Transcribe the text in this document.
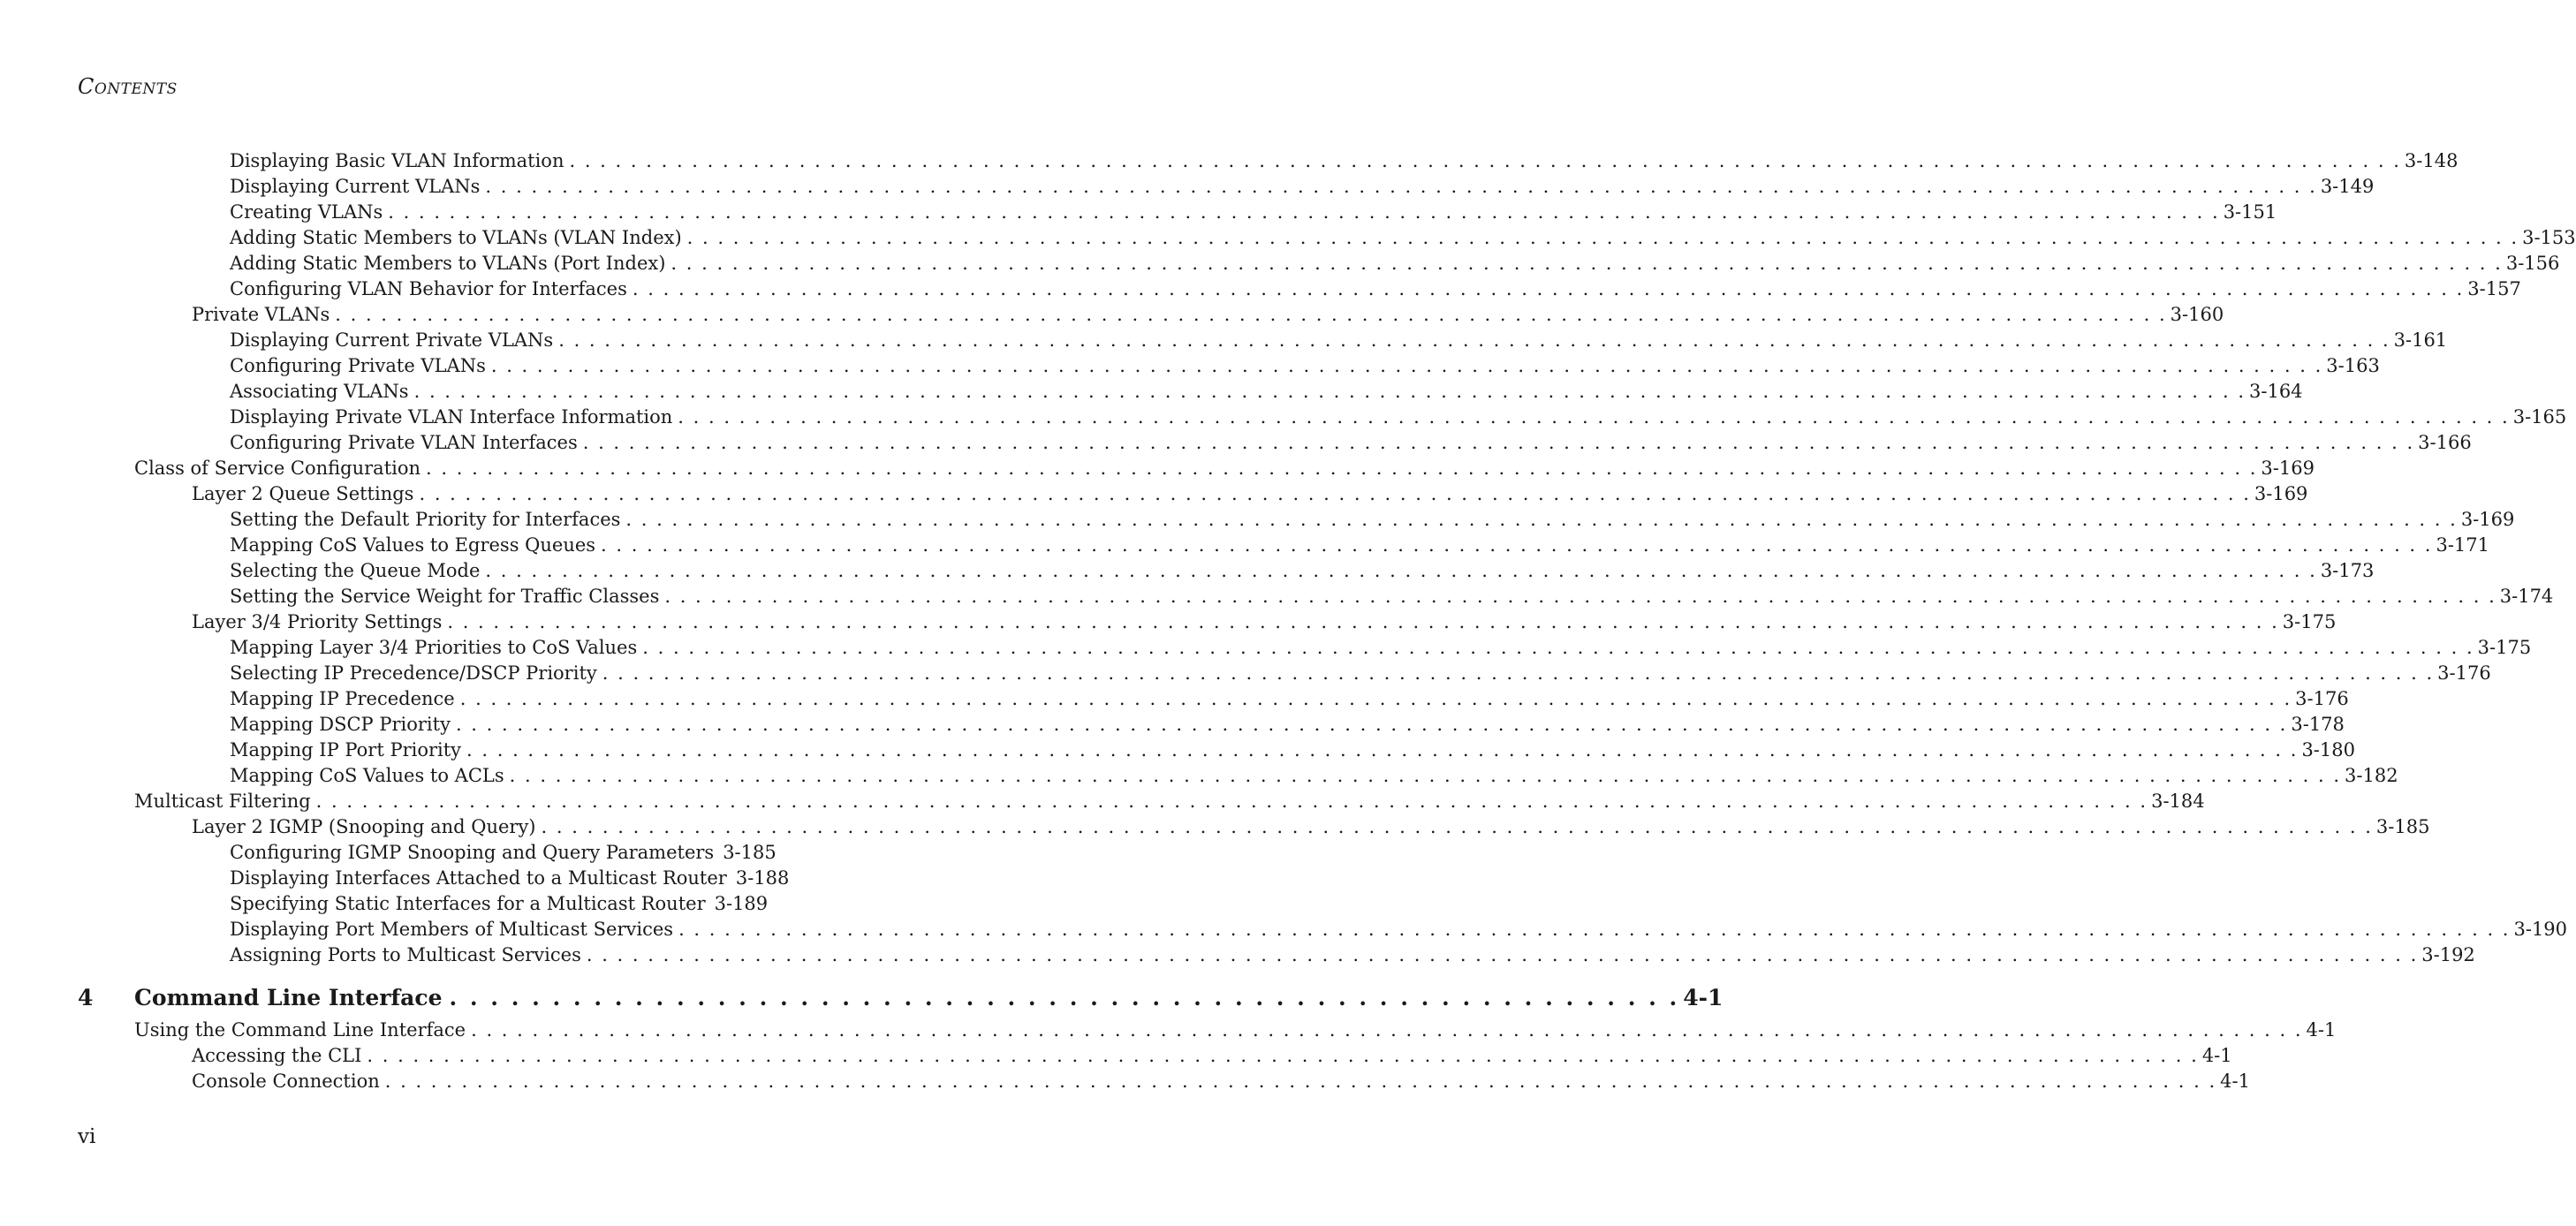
CONTENTS
Displaying Basic VLAN Information . . . . . . . . . . . . . . . . . . . . . . . . . . . . . . . . . . . . . . . . . . . . . . . . . . . . . . . . . . . . . . . . . . . . . . . . . . . . . . . . . . . . . . . . . . . . . . . . . . . . . . . . . . . . . . . . . . . . . . . . 3-148
Displaying Current VLANs . . . . . . . . . . . . . . . . . . . . . . . . . . . . . . . . . . . . . . . . . . . . . . . . . . . . . . . . . . . . . . . . . . . . . . . . . . . . . . . . . . . . . . . . . . . . . . . . . . . . . . . . . . . . . . . . . . . . . . . . 3-149
Creating VLANs . . . . . . . . . . . . . . . . . . . . . . . . . . . . . . . . . . . . . . . . . . . . . . . . . . . . . . . . . . . . . . . . . . . . . . . . . . . . . . . . . . . . . . . . . . . . . . . . . . . . . . . . . . . . . . . . . . . . . . . . 3-151
Adding Static Members to VLANs (VLAN Index) . . . . . . . . . . . . . . . . . . . . . . . . . . . . . . . . . . . . . . . . . . . . . . . . . . . . . . . . . . . . . . . . . . . . . . . . . . . . . . . . . . . . . . . . . . . . . . . . . . . . . . . . . . . . . . . . . . . . . . . . 3-153
Adding Static Members to VLANs (Port Index) . . . . . . . . . . . . . . . . . . . . . . . . . . . . . . . . . . . . . . . . . . . . . . . . . . . . . . . . . . . . . . . . . . . . . . . . . . . . . . . . . . . . . . . . . . . . . . . . . . . . . . . . . . . . . . . . . . . . . . . . 3-156
Configuring VLAN Behavior for Interfaces . . . . . . . . . . . . . . . . . . . . . . . . . . . . . . . . . . . . . . . . . . . . . . . . . . . . . . . . . . . . . . . . . . . . . . . . . . . . . . . . . . . . . . . . . . . . . . . . . . . . . . . . . . . . . . . . . . . . . . . . 3-157
Private VLANs . . . . . . . . . . . . . . . . . . . . . . . . . . . . . . . . . . . . . . . . . . . . . . . . . . . . . . . . . . . . . . . . . . . . . . . . . . . . . . . . . . . . . . . . . . . . . . . . . . . . . . . . . . . . . . . . . . . . . . . . 3-160
Displaying Current Private VLANs . . . . . . . . . . . . . . . . . . . . . . . . . . . . . . . . . . . . . . . . . . . . . . . . . . . . . . . . . . . . . . . . . . . . . . . . . . . . . . . . . . . . . . . . . . . . . . . . . . . . . . . . . . . . . . . . . . . . . . . . 3-161
Configuring Private VLANs . . . . . . . . . . . . . . . . . . . . . . . . . . . . . . . . . . . . . . . . . . . . . . . . . . . . . . . . . . . . . . . . . . . . . . . . . . . . . . . . . . . . . . . . . . . . . . . . . . . . . . . . . . . . . . . . . . . . . . . . 3-163
Associating VLANs . . . . . . . . . . . . . . . . . . . . . . . . . . . . . . . . . . . . . . . . . . . . . . . . . . . . . . . . . . . . . . . . . . . . . . . . . . . . . . . . . . . . . . . . . . . . . . . . . . . . . . . . . . . . . . . . . . . . . . . . 3-164
Displaying Private VLAN Interface Information . . . . . . . . . . . . . . . . . . . . . . . . . . . . . . . . . . . . . . . . . . . . . . . . . . . . . . . . . . . . . . . . . . . . . . . . . . . . . . . . . . . . . . . . . . . . . . . . . . . . . . . . . . . . . . . . . . . . . . . . 3-165
Configuring Private VLAN Interfaces . . . . . . . . . . . . . . . . . . . . . . . . . . . . . . . . . . . . . . . . . . . . . . . . . . . . . . . . . . . . . . . . . . . . . . . . . . . . . . . . . . . . . . . . . . . . . . . . . . . . . . . . . . . . . . . . . . . . . . . . 3-166
Class of Service Configuration . . . . . . . . . . . . . . . . . . . . . . . . . . . . . . . . . . . . . . . . . . . . . . . . . . . . . . . . . . . . . . . . . . . . . . . . . . . . . . . . . . . . . . . . . . . . . . . . . . . . . . . . . . . . . . . . . . . . . . . . 3-169
Layer 2 Queue Settings . . . . . . . . . . . . . . . . . . . . . . . . . . . . . . . . . . . . . . . . . . . . . . . . . . . . . . . . . . . . . . . . . . . . . . . . . . . . . . . . . . . . . . . . . . . . . . . . . . . . . . . . . . . . . . . . . . . . . . . . 3-169
Setting the Default Priority for Interfaces . . . . . . . . . . . . . . . . . . . . . . . . . . . . . . . . . . . . . . . . . . . . . . . . . . . . . . . . . . . . . . . . . . . . . . . . . . . . . . . . . . . . . . . . . . . . . . . . . . . . . . . . . . . . . . . . . . . . . . . . 3-169
Mapping CoS Values to Egress Queues . . . . . . . . . . . . . . . . . . . . . . . . . . . . . . . . . . . . . . . . . . . . . . . . . . . . . . . . . . . . . . . . . . . . . . . . . . . . . . . . . . . . . . . . . . . . . . . . . . . . . . . . . . . . . . . . . . . . . . . . 3-171
Selecting the Queue Mode . . . . . . . . . . . . . . . . . . . . . . . . . . . . . . . . . . . . . . . . . . . . . . . . . . . . . . . . . . . . . . . . . . . . . . . . . . . . . . . . . . . . . . . . . . . . . . . . . . . . . . . . . . . . . . . . . . . . . . . . 3-173
Setting the Service Weight for Traffic Classes . . . . . . . . . . . . . . . . . . . . . . . . . . . . . . . . . . . . . . . . . . . . . . . . . . . . . . . . . . . . . . . . . . . . . . . . . . . . . . . . . . . . . . . . . . . . . . . . . . . . . . . . . . . . . . . . . . . . . . . . 3-174
Layer 3/4 Priority Settings . . . . . . . . . . . . . . . . . . . . . . . . . . . . . . . . . . . . . . . . . . . . . . . . . . . . . . . . . . . . . . . . . . . . . . . . . . . . . . . . . . . . . . . . . . . . . . . . . . . . . . . . . . . . . . . . . . . . . . . . 3-175
Mapping Layer 3/4 Priorities to CoS Values . . . . . . . . . . . . . . . . . . . . . . . . . . . . . . . . . . . . . . . . . . . . . . . . . . . . . . . . . . . . . . . . . . . . . . . . . . . . . . . . . . . . . . . . . . . . . . . . . . . . . . . . . . . . . . . . . . . . . . . . 3-175
Selecting IP Precedence/DSCP Priority . . . . . . . . . . . . . . . . . . . . . . . . . . . . . . . . . . . . . . . . . . . . . . . . . . . . . . . . . . . . . . . . . . . . . . . . . . . . . . . . . . . . . . . . . . . . . . . . . . . . . . . . . . . . . . . . . . . . . . . . 3-176
Mapping IP Precedence . . . . . . . . . . . . . . . . . . . . . . . . . . . . . . . . . . . . . . . . . . . . . . . . . . . . . . . . . . . . . . . . . . . . . . . . . . . . . . . . . . . . . . . . . . . . . . . . . . . . . . . . . . . . . . . . . . . . . . . . 3-176
Mapping DSCP Priority . . . . . . . . . . . . . . . . . . . . . . . . . . . . . . . . . . . . . . . . . . . . . . . . . . . . . . . . . . . . . . . . . . . . . . . . . . . . . . . . . . . . . . . . . . . . . . . . . . . . . . . . . . . . . . . . . . . . . . . . 3-178
Mapping IP Port Priority . . . . . . . . . . . . . . . . . . . . . . . . . . . . . . . . . . . . . . . . . . . . . . . . . . . . . . . . . . . . . . . . . . . . . . . . . . . . . . . . . . . . . . . . . . . . . . . . . . . . . . . . . . . . . . . . . . . . . . . . 3-180
Mapping CoS Values to ACLs . . . . . . . . . . . . . . . . . . . . . . . . . . . . . . . . . . . . . . . . . . . . . . . . . . . . . . . . . . . . . . . . . . . . . . . . . . . . . . . . . . . . . . . . . . . . . . . . . . . . . . . . . . . . . . . . . . . . . . . . 3-182
Multicast Filtering . . . . . . . . . . . . . . . . . . . . . . . . . . . . . . . . . . . . . . . . . . . . . . . . . . . . . . . . . . . . . . . . . . . . . . . . . . . . . . . . . . . . . . . . . . . . . . . . . . . . . . . . . . . . . . . . . . . . . . . . 3-184
Layer 2 IGMP (Snooping and Query) . . . . . . . . . . . . . . . . . . . . . . . . . . . . . . . . . . . . . . . . . . . . . . . . . . . . . . . . . . . . . . . . . . . . . . . . . . . . . . . . . . . . . . . . . . . . . . . . . . . . . . . . . . . . . . . . . . . . . . . . 3-185
Configuring IGMP Snooping and Query Parameters 3-185
Displaying Interfaces Attached to a Multicast Router 3-188
Specifying Static Interfaces for a Multicast Router 3-189
Displaying Port Members of Multicast Services . . . . . . . . . . . . . . . . . . . . . . . . . . . . . . . . . . . . . . . . . . . . . . . . . . . . . . . . . . . . . . . . . . . . . . . . . . . . . . . . . . . . . . . . . . . . . . . . . . . . . . . . . . . . . . . . . . . . . . . . 3-190
Assigning Ports to Multicast Services . . . . . . . . . . . . . . . . . . . . . . . . . . . . . . . . . . . . . . . . . . . . . . . . . . . . . . . . . . . . . . . . . . . . . . . . . . . . . . . . . . . . . . . . . . . . . . . . . . . . . . . . . . . . . . . . . . . . . . . . 3-192
4	Command Line Interface . . . . . . . . . . . . . . . . . . . . . . . . . . . . . . . . . . . . . . . . . . . . . . . . . . . . . . . . . . . . 4-1
vi
Using the Command Line Interface . . . . . . . . . . . . . . . . . . . . . . . . . . . . . . . . . . . . . . . . . . . . . . . . . . . . . . . . . . . . . . . . . . . . . . . . . . . . . . . . . . . . . . . . . . . . . . . . . . . . . . . . . . . . . . . . . . . . . . . . 4-1
Accessing the CLI . . . . . . . . . . . . . . . . . . . . . . . . . . . . . . . . . . . . . . . . . . . . . . . . . . . . . . . . . . . . . . . . . . . . . . . . . . . . . . . . . . . . . . . . . . . . . . . . . . . . . . . . . . . . . . . . . . . . . . . . 4-1
Console Connection . . . . . . . . . . . . . . . . . . . . . . . . . . . . . . . . . . . . . . . . . . . . . . . . . . . . . . . . . . . . . . . . . . . . . . . . . . . . . . . . . . . . . . . . . . . . . . . . . . . . . . . . . . . . . . . . . . . . . . . . 4-1
